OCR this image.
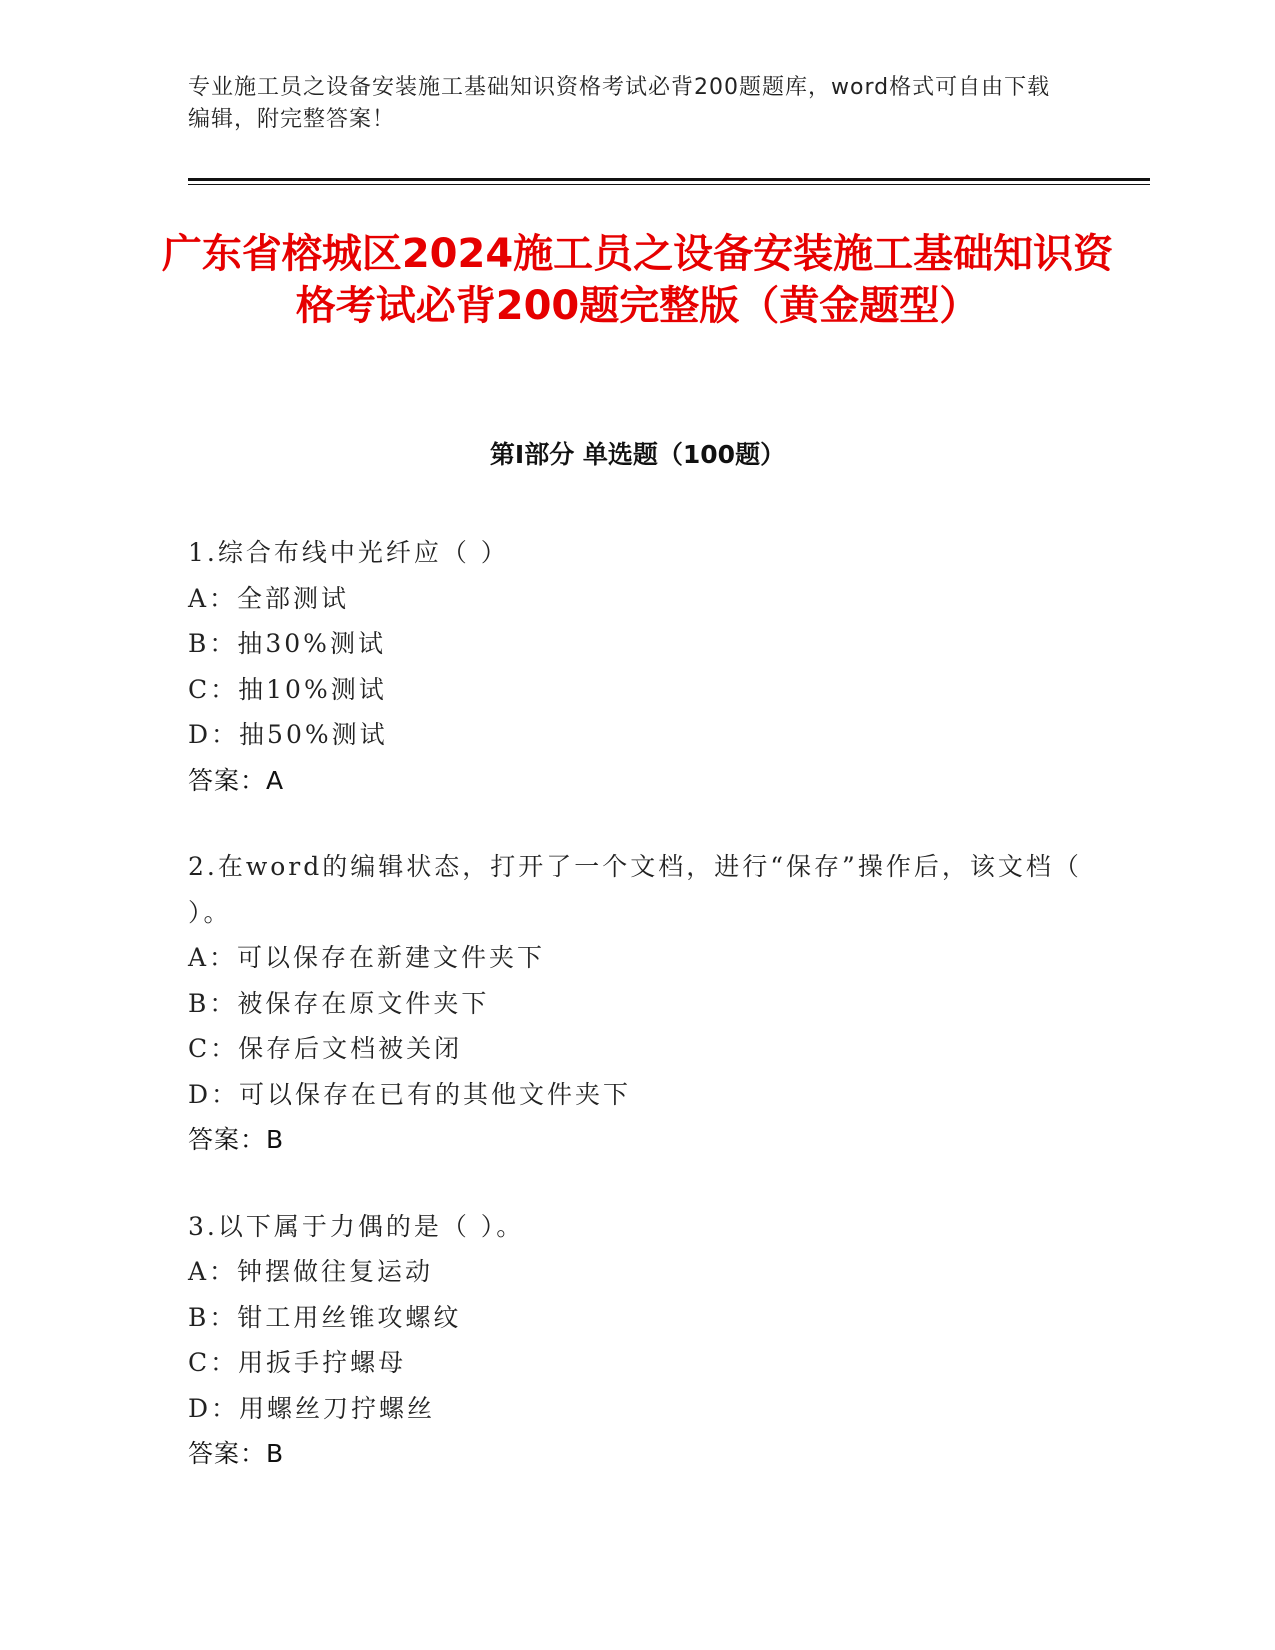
专业施工员之设备安装施工基础知识资格考试必背200题题库，word格式可自由下载编辑，附完整答案！

广东省榕城区2024施工员之设备安装施工基础知识资格考试必背200题完整版（黄金题型）
第I部分 单选题（100题）

1.综合布线中光纤应（ ）

A：全部测试
B：抽30%测试
C：抽10%测试
D：抽50%测试

答案：A

2.在word的编辑状态，打开了一个文档，进行“保存”操作后，该文档（ ）。

A：可以保存在新建文件夹下
B：被保存在原文件夹下
C：保存后文档被关闭
D：可以保存在已有的其他文件夹下

答案：B

3.以下属于力偶的是（ ）。

A：钟摆做往复运动
B：钳工用丝锥攻螺纹
C：用扳手拧螺母
D：用螺丝刀拧螺丝

答案：B
